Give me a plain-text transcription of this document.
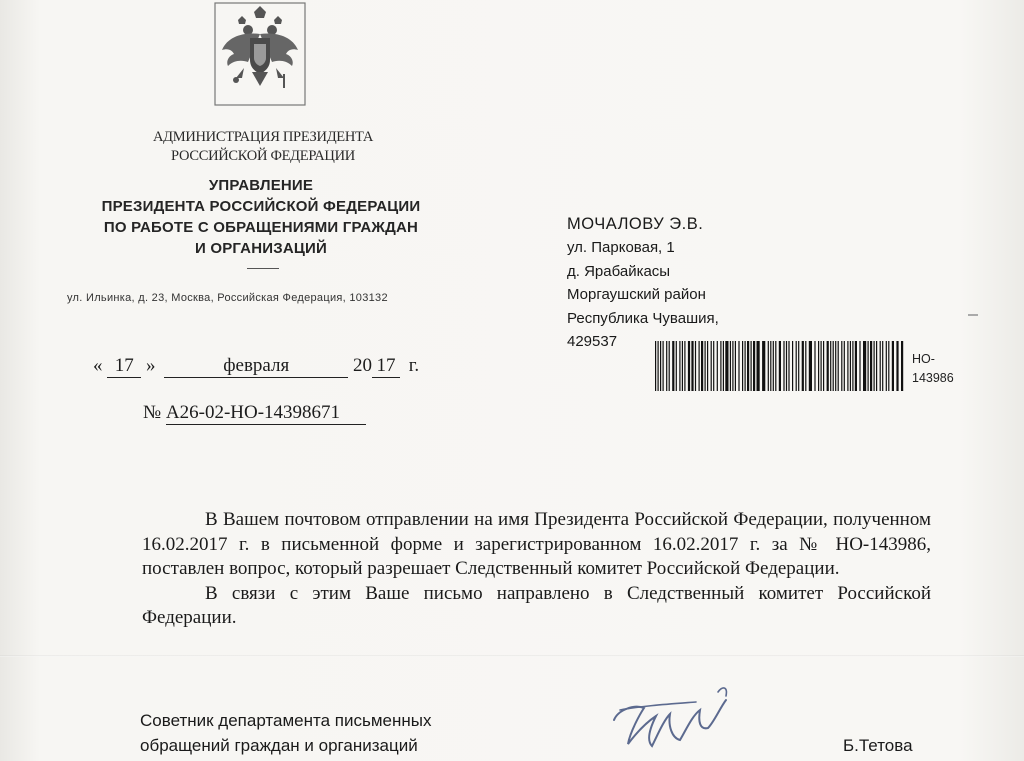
АДМИНИСТРАЦИЯ ПРЕЗИДЕНТА
РОССИЙСКОЙ ФЕДЕРАЦИИ
УПРАВЛЕНИЕ
ПРЕЗИДЕНТА РОССИЙСКОЙ ФЕДЕРАЦИИ
ПО РАБОТЕ С ОБРАЩЕНИЯМИ ГРАЖДАН
И ОРГАНИЗАЦИЙ
ул. Ильинка, д. 23, Москва, Российская Федерация, 103132
« 17 »	февраля	20 17 г.
№ А26-02-НО-14398671
МОЧАЛОВУ Э.В.
ул. Парковая, 1
д. Ярабайкасы
Моргаушский район
Республика Чувашия,
429537
НО-
143986

В Вашем почтовом отправлении на имя Президента Российской Федерации, полученном 16.02.2017 г. в письменной форме и зарегистрированном 16.02.2017 г. за № НО-143986, поставлен вопрос, который разрешает Следственный комитет Российской Федерации.

В связи с этим Ваше письмо направлено в Следственный комитет Российской Федерации.

Советник департамента письменных
обращений граждан и организаций	Б.Тетова
